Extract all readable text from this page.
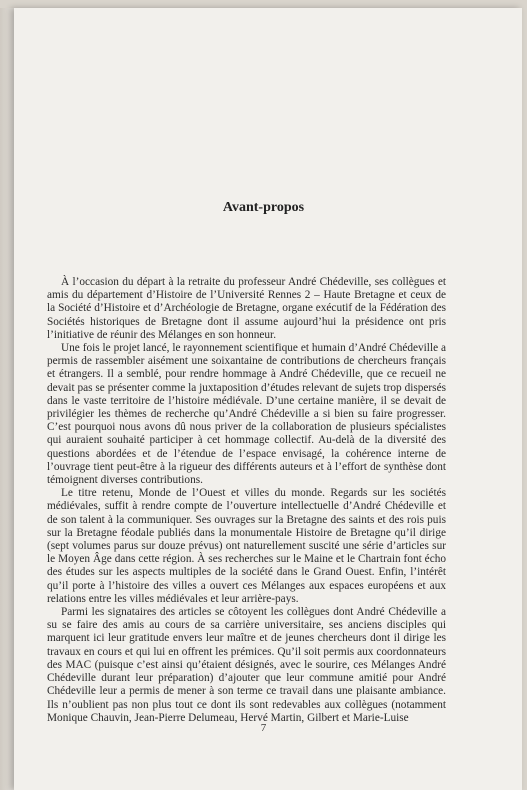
Avant-propos

À l’occasion du départ à la retraite du professeur André Chédeville, ses collègues et amis du département d’Histoire de l’Université Rennes 2 – Haute Bretagne et ceux de la Société d’Histoire et d’Archéologie de Bretagne, organe exécutif de la Fédération des Sociétés historiques de Bretagne dont il assume aujourd’hui la présidence ont pris l’initiative de réunir des Mélanges en son honneur.

Une fois le projet lancé, le rayonnement scientifique et humain d’André Chédeville a permis de rassembler aisément une soixantaine de contributions de chercheurs français et étrangers. Il a semblé, pour rendre hommage à André Chédeville, que ce recueil ne devait pas se présenter comme la juxtaposition d’études relevant de sujets trop dispersés dans le vaste territoire de l’histoire médiévale. D’une certaine manière, il se devait de privilégier les thèmes de recherche qu’André Chédeville a si bien su faire progresser. C’est pourquoi nous avons dû nous priver de la collaboration de plusieurs spécialistes qui auraient souhaité participer à cet hommage collectif. Au-delà de la diversité des questions abordées et de l’étendue de l’espace envisagé, la cohérence interne de l’ouvrage tient peut-être à la rigueur des différents auteurs et à l’effort de synthèse dont témoignent diverses contributions.

Le titre retenu, Monde de l’Ouest et villes du monde. Regards sur les sociétés médiévales, suffit à rendre compte de l’ouverture intellectuelle d’André Chédeville et de son talent à la communiquer. Ses ouvrages sur la Bretagne des saints et des rois puis sur la Bretagne féodale publiés dans la monumentale Histoire de Bretagne qu’il dirige (sept volumes parus sur douze prévus) ont naturellement suscité une série d’articles sur le Moyen Âge dans cette région. À ses recherches sur le Maine et le Chartrain font écho des études sur les aspects multiples de la société dans le Grand Ouest. Enfin, l’intérêt qu’il porte à l’histoire des villes a ouvert ces Mélanges aux espaces européens et aux relations entre les villes médiévales et leur arrière-pays.

Parmi les signataires des articles se côtoyent les collègues dont André Chédeville a su se faire des amis au cours de sa carrière universitaire, ses anciens disciples qui marquent ici leur gratitude envers leur maître et de jeunes chercheurs dont il dirige les travaux en cours et qui lui en offrent les prémices. Qu’il soit permis aux coordonnateurs des MAC (puisque c’est ainsi qu’étaient désignés, avec le sourire, ces Mélanges André Chédeville durant leur préparation) d’ajouter que leur commune amitié pour André Chédeville leur a permis de mener à son terme ce travail dans une plaisante ambiance. Ils n’oublient pas non plus tout ce dont ils sont redevables aux collègues (notamment Monique Chauvin, Jean-Pierre Delumeau, Hervé Martin, Gilbert et Marie-Luise

7
